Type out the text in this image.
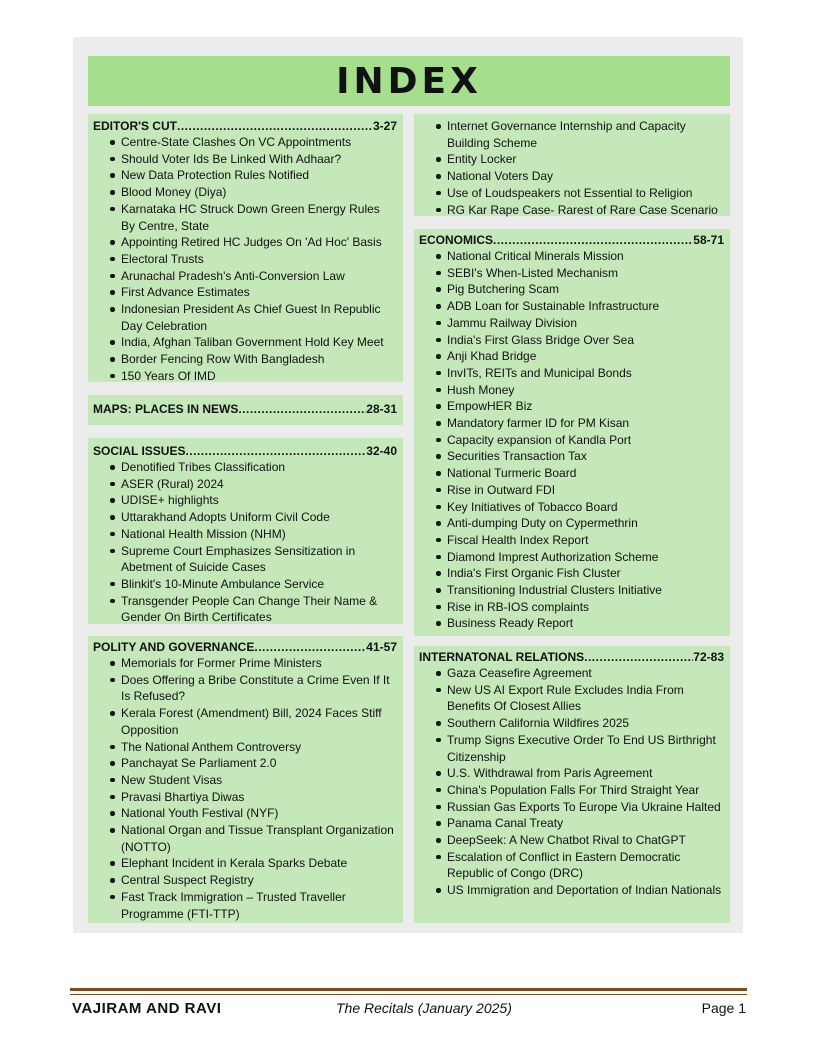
INDEX
EDITOR'S CUT .....	3-27
Centre-State Clashes On VC Appointments
Should Voter Ids Be Linked With Adhaar?
New Data Protection Rules Notified
Blood Money (Diya)
Karnataka HC Struck Down Green Energy Rules By Centre, State
Appointing Retired HC Judges On 'Ad Hoc' Basis
Electoral Trusts
Arunachal Pradesh's Anti-Conversion Law
First Advance Estimates
Indonesian President As Chief Guest In Republic Day Celebration
India, Afghan Taliban Government Hold Key Meet
Border Fencing Row With Bangladesh
150 Years Of IMD
MAPS: PLACES IN NEWS .....	28-31
SOCIAL ISSUES .....	32-40
Denotified Tribes Classification
ASER (Rural) 2024
UDISE+ highlights
Uttarakhand Adopts Uniform Civil Code
National Health Mission (NHM)
Supreme Court Emphasizes Sensitization in Abetment of Suicide Cases
Blinkit's 10-Minute Ambulance Service
Transgender People Can Change Their Name & Gender On Birth Certificates
POLITY AND GOVERNANCE .....	41-57
Memorials for Former Prime Ministers
Does Offering a Bribe Constitute a Crime Even If It Is Refused?
Kerala Forest (Amendment) Bill, 2024 Faces Stiff Opposition
The National Anthem Controversy
Panchayat Se Parliament 2.0
New Student Visas
Pravasi Bhartiya Diwas
National Youth Festival (NYF)
National Organ and Tissue Transplant Organization (NOTTO)
Elephant Incident in Kerala Sparks Debate
Central Suspect Registry
Fast Track Immigration – Trusted Traveller Programme (FTI-TTP)
Internet Governance Internship and Capacity Building Scheme
Entity Locker
National Voters Day
Use of Loudspeakers not Essential to Religion
RG Kar Rape Case- Rarest of Rare Case Scenario
ECONOMICS .....	58-71
National Critical Minerals Mission
SEBI's When-Listed Mechanism
Pig Butchering Scam
ADB Loan for Sustainable Infrastructure
Jammu Railway Division
India's First Glass Bridge Over Sea
Anji Khad Bridge
InvITs, REITs and Municipal Bonds
Hush Money
EmpowHER Biz
Mandatory farmer ID for PM Kisan
Capacity expansion of Kandla Port
Securities Transaction Tax
National Turmeric Board
Rise in Outward FDI
Key Initiatives of Tobacco Board
Anti-dumping Duty on Cypermethrin
Fiscal Health Index Report
Diamond Imprest Authorization Scheme
India's First Organic Fish Cluster
Transitioning Industrial Clusters Initiative
Rise in RB-IOS complaints
Business Ready Report
INTERNATONAL RELATIONS .....	72-83
Gaza Ceasefire Agreement
New US AI Export Rule Excludes India From Benefits Of Closest Allies
Southern California Wildfires 2025
Trump Signs Executive Order To End US Birthright Citizenship
U.S. Withdrawal from Paris Agreement
China's Population Falls For Third Straight Year
Russian Gas Exports To Europe Via Ukraine Halted
Panama Canal Treaty
DeepSeek: A New Chatbot Rival to ChatGPT
Escalation of Conflict in Eastern Democratic Republic of Congo (DRC)
US Immigration and Deportation of Indian Nationals
VAJIRAM AND RAVI	The Recitals (January 2025)	Page 1
